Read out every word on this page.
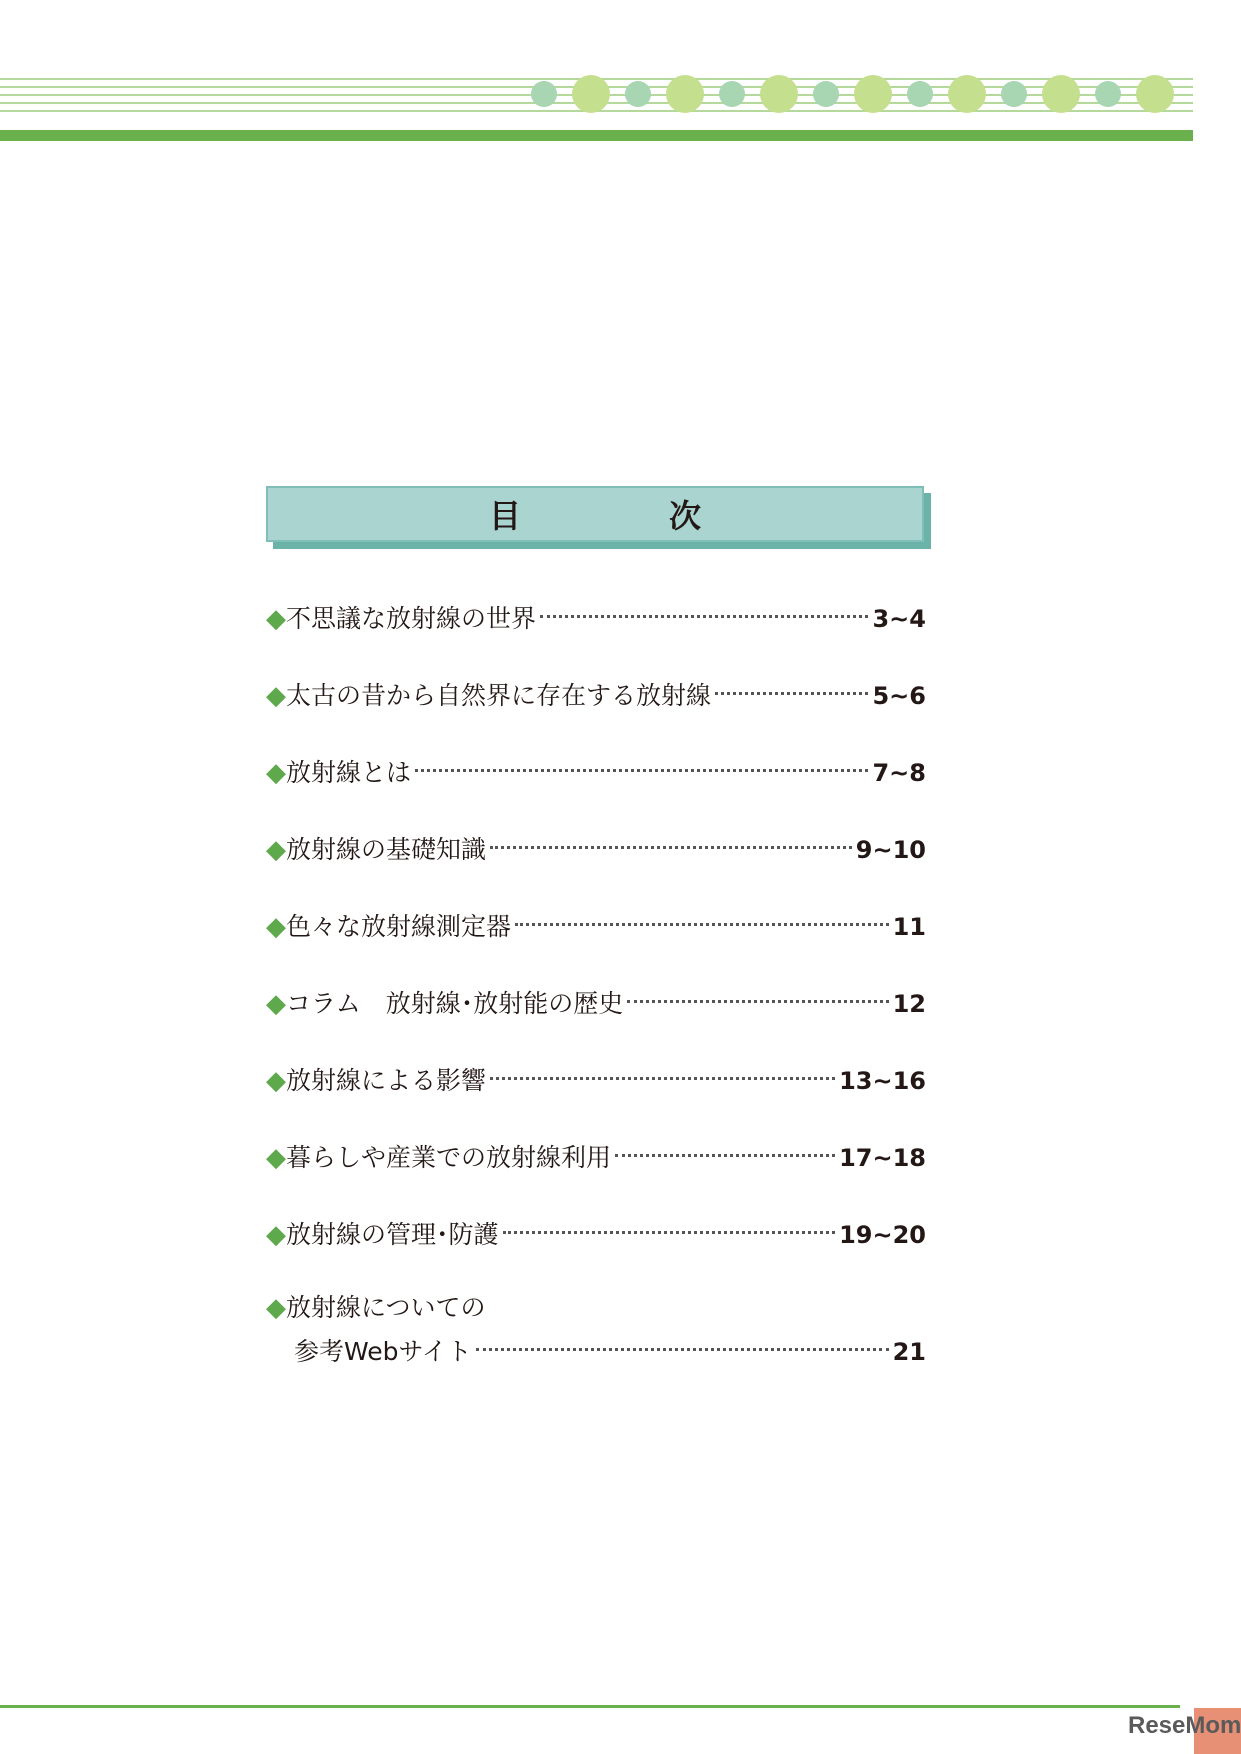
目　次
◆ 不思議な放射線の世界	3~4
◆ 太古の昔から自然界に存在する放射線	5~6
◆ 放射線とは	7~8
◆ 放射線の基礎知識	9~10
◆ 色々な放射線測定器	11
◆ コラム　放射線･放射能の歴史	12
◆ 放射線による影響	13~16
◆ 暮らしや産業での放射線利用	17~18
◆ 放射線の管理･防護	19~20
◆ 放射線についての
参考Webサイト	21
ReseMom
